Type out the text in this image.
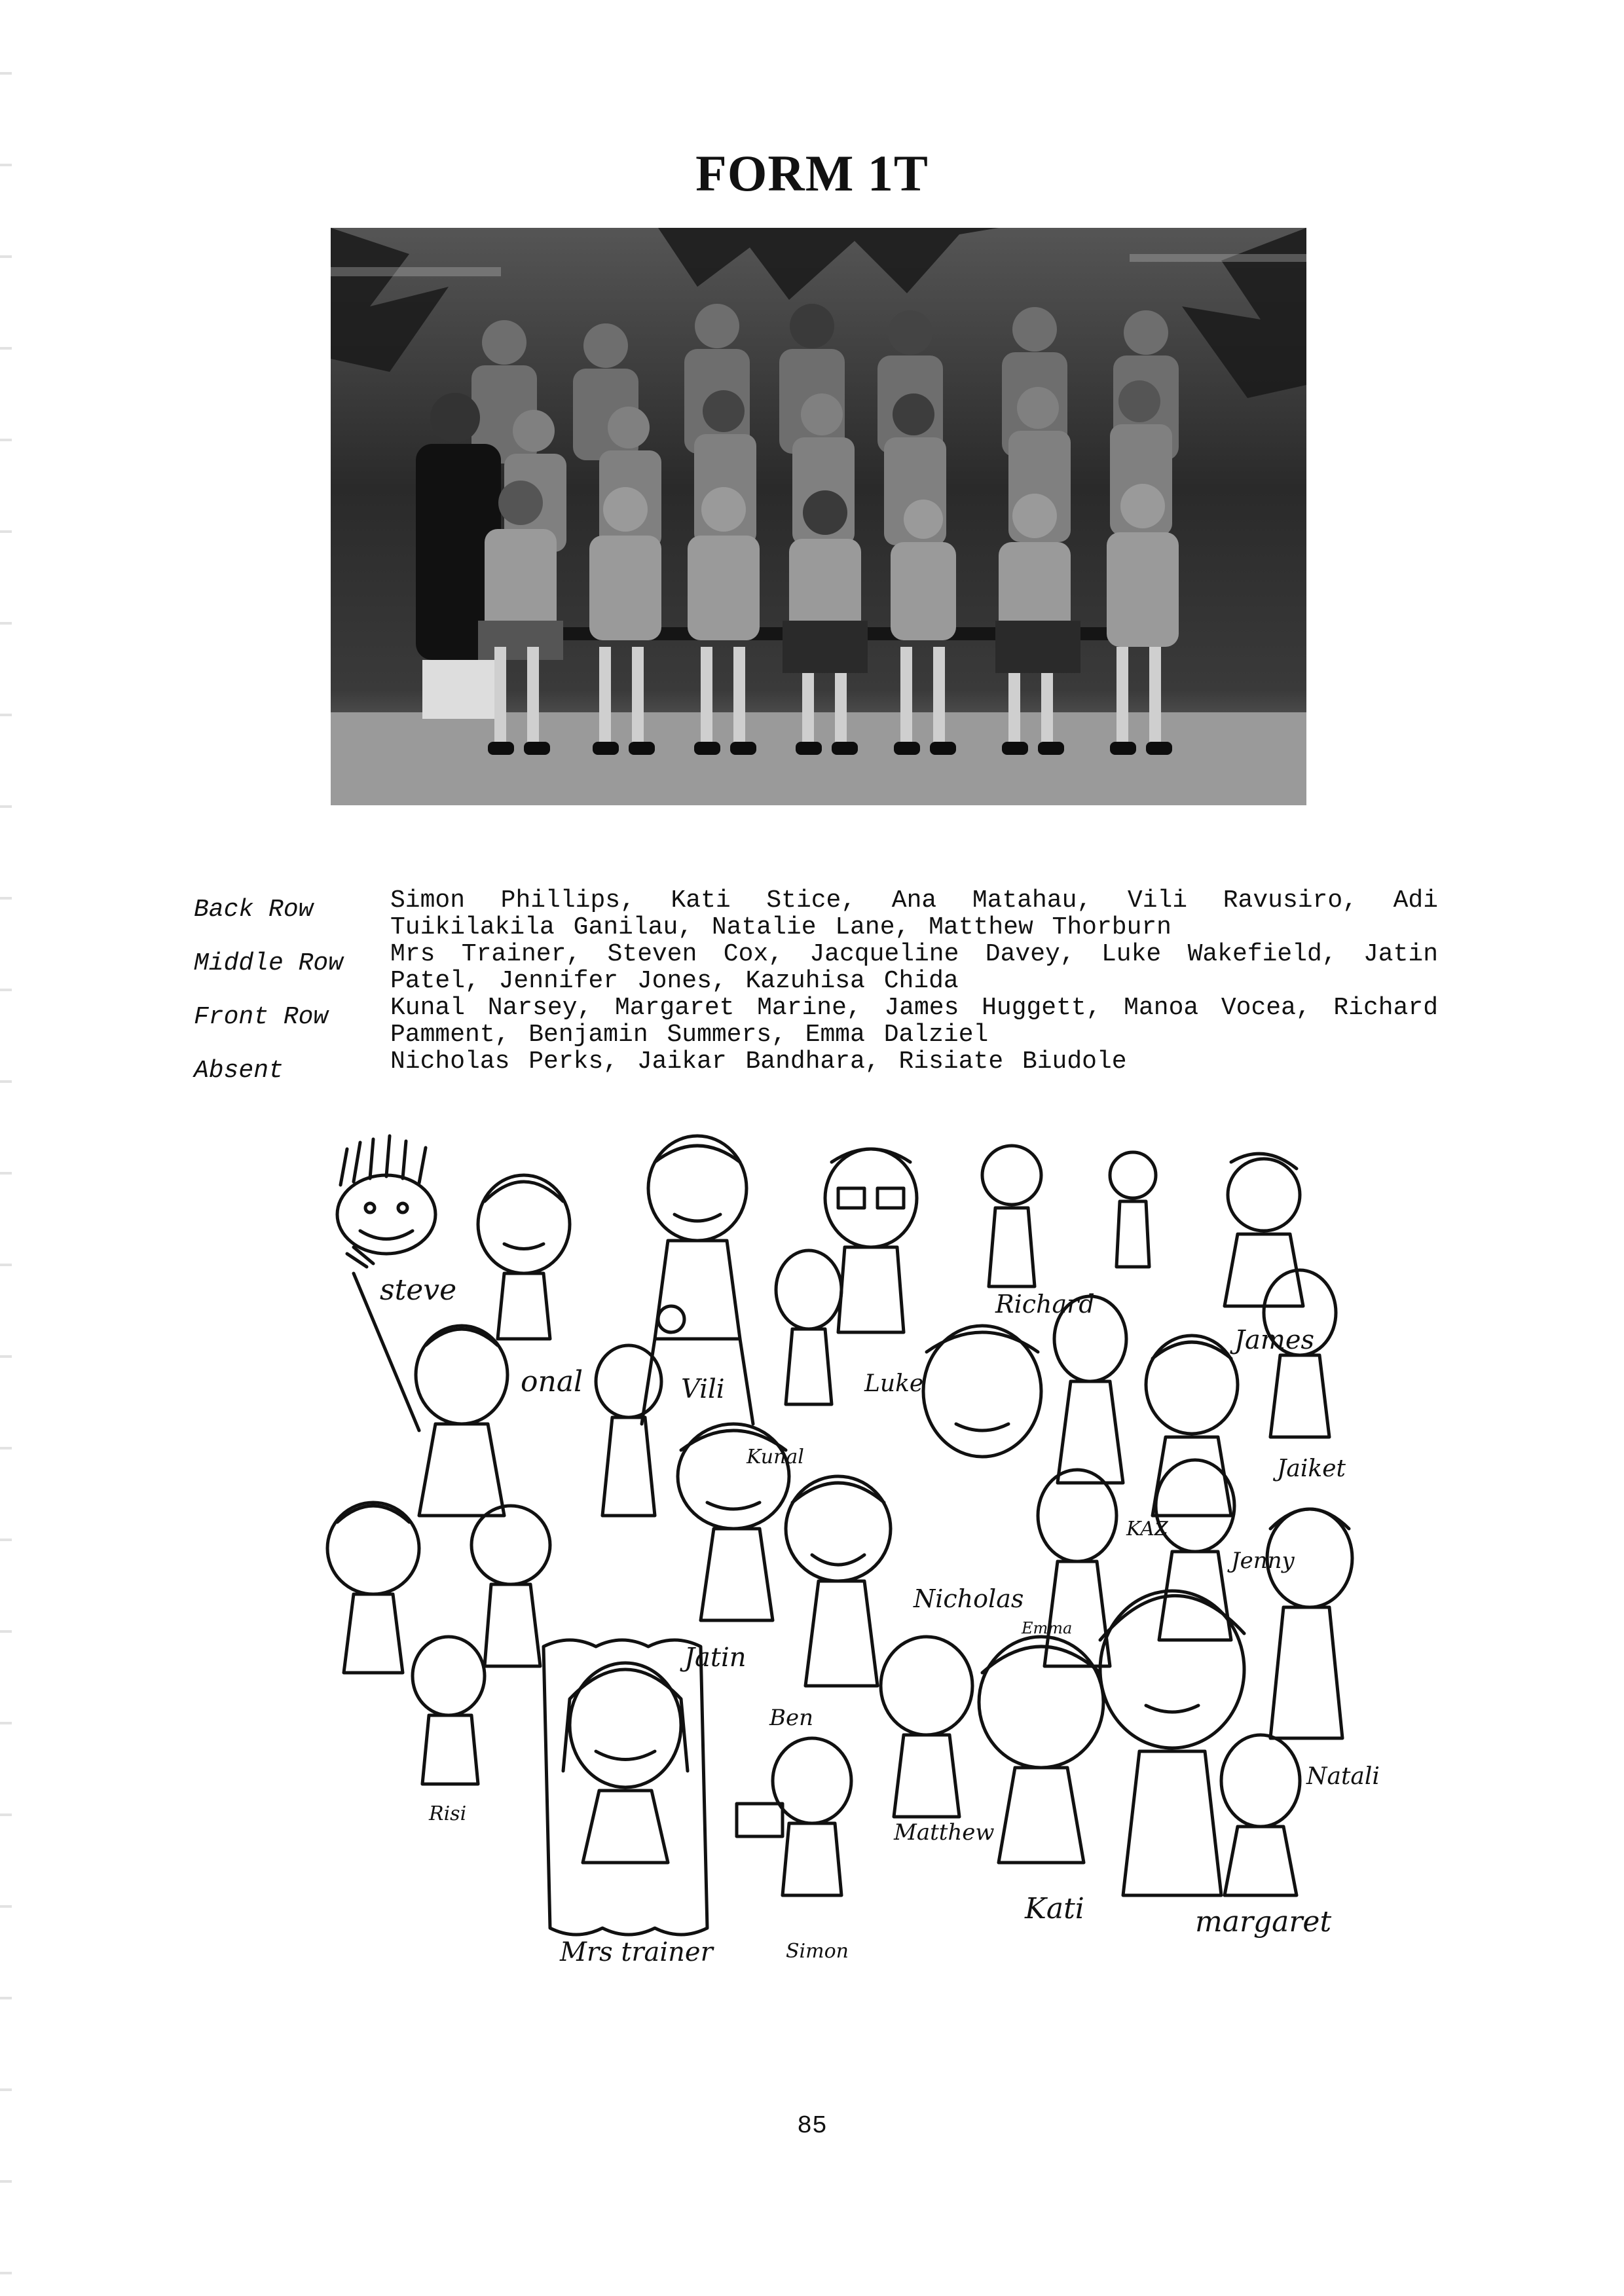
FORM 1T
Back Row	Simon Phillips, Kati Stice, Ana Matahau, Vili Ravusiro, Adi Tuikilakila Ganilau, Natalie Lane, Matthew Thorburn
Middle Row	Mrs Trainer, Steven Cox, Jacqueline Davey, Luke Wakefield, Jatin Patel, Jennifer Jones, Kazuhisa Chida
Front Row	Kunal Narsey, Margaret Marine, James Huggett, Manoa Vocea, Richard Pamment, Benjamin Summers, Emma Dalziel
Absent	Nicholas Perks, Jaikar Bandhara, Risiate Biudole
steve
onal	Vili	Luke
Richard
James
Jaiket
Jenny
KAZ
Kunal
Jatin
Ben
Nicholas
Emma
Matthew
Kati	margaret
Natali
Simon
Mrs trainer
Risi
85
